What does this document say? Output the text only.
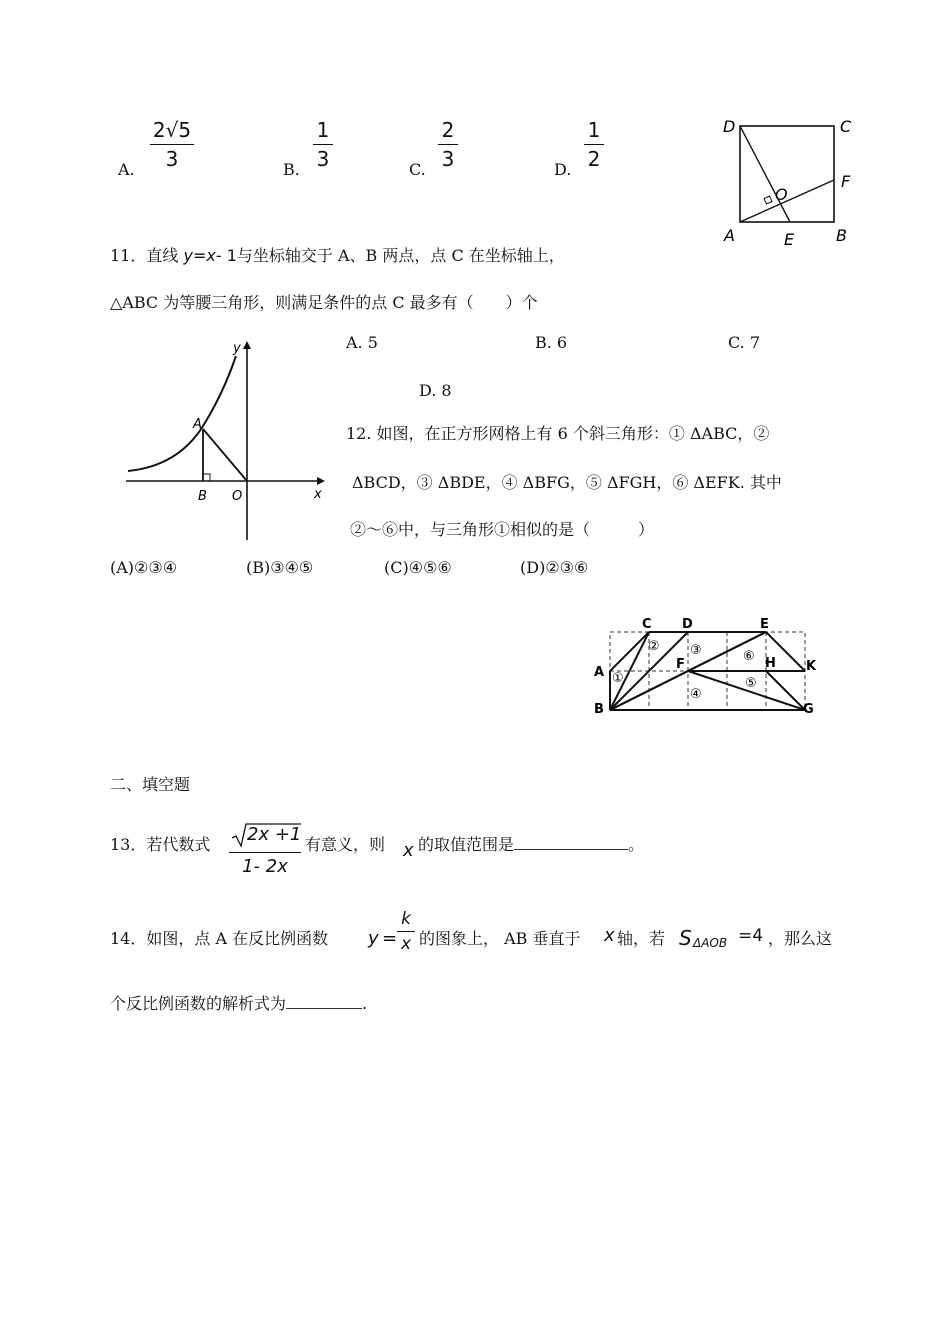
A. $\frac{2√5}{3}$	B. $\frac{1}{3}$	C. $\frac{2}{3}$	D. $\frac{1}{2}$	D	C
F
O
A	E	B
11．直线 y=x- 1与坐标轴交于 A、B 两点，点 C 在坐标轴上，
△ABC 为等腰三角形，则满足条件的点 C 最多有（　　）个
A. 5	B. 6	C. 7
D. 8
y
x
A
B O
12. 如图，在正方形网格上有 6 个斜三角形：① ΔABC，②
ΔBCD，③ ΔBDE，④ ΔBFG，⑤ ΔFGH，⑥ ΔEFK. 其中
②～⑥中，与三角形①相似的是（　　　）
(A)②③④	(B)③④⑤	(C)④⑤⑥	(D)②③⑥
C D	E
A
F	H K
B	G
①
② ③
④
⑤
⑥
二、填空题
13．若代数式 2x +1
1- 2x
有意义，则 x 的取值范围是	。
14．如图，点 A 在反比例函数 $y = \frac{k}{x}$ 的图象上， AB 垂直于 x 轴，若 S ΔAOB =4 ，那么这
个反比例函数的解析式为	.
